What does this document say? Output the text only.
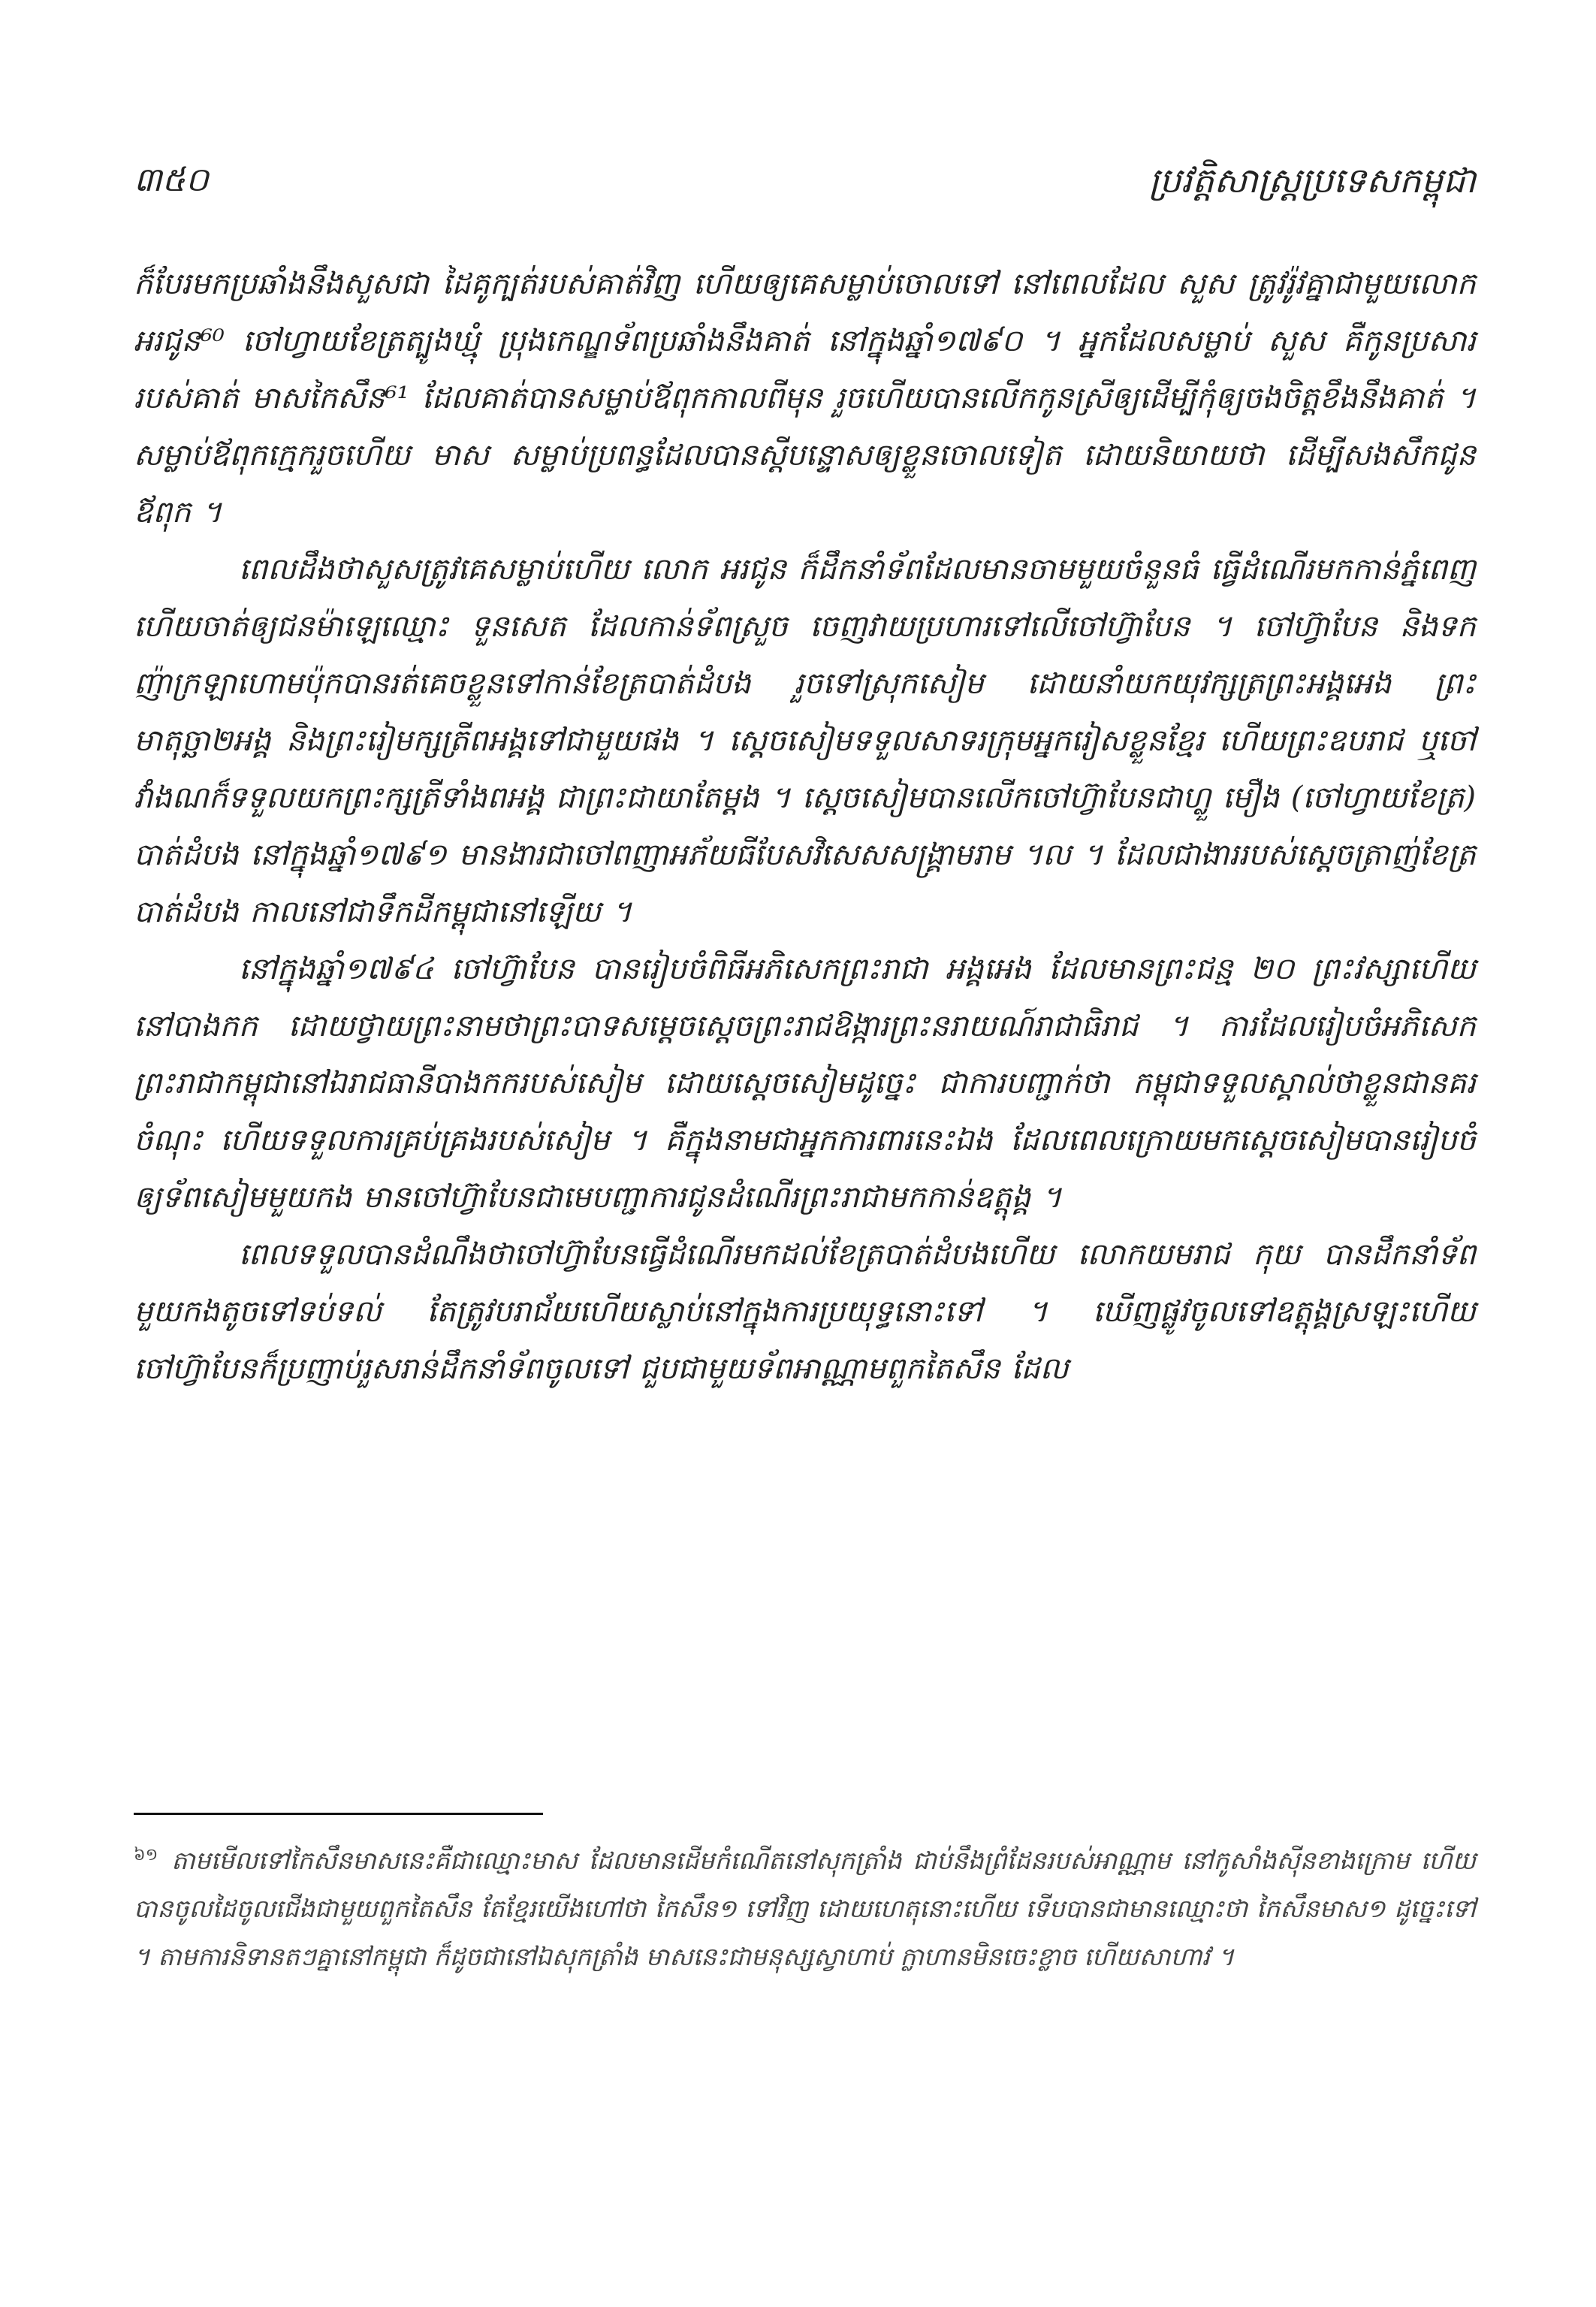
៣៥០	ប្រវត្តិសាស្ត្រប្រទេសកម្ពុជា

ក៏បែរមកប្រឆាំងនឹងសួសជា ដៃគូក្បត់របស់គាត់វិញ ហើយឲ្យគេសម្លាប់ចោលទៅ នៅពេលដែល សួស ត្រូវរ៉ូវគ្នាជាមួយលោក អរជូន⁶⁰ ចៅហ្វាយខែត្រត្បូងឃ្មុំ ប្រុងកេណ្ឌទ័ពប្រឆាំងនឹងគាត់ នៅក្នុងឆ្នាំ១៧៩០ ។ អ្នកដែលសម្លាប់ សួស គឺកូនប្រសាររបស់គាត់ មាសកៃសឹន⁶¹ ដែលគាត់បានសម្លាប់ឪពុកកាលពីមុន រួចហើយបានលើកកូនស្រីឲ្យដើម្បីកុំឲ្យចងចិត្តខឹងនឹងគាត់ ។ សម្លាប់ឪពុកក្មេករួចហើយ មាស សម្លាប់ប្រពន្ធដែលបានស្តីបន្ទោសឲ្យខ្លួនចោលទៀត ដោយនិយាយថា ដើម្បីសងសឹកជូនឪពុក ។

ពេលដឹងថាសួសត្រូវគេសម្លាប់ហើយ លោក អរជូន ក៏ដឹកនាំទ័ពដែលមានចាមមួយចំនួនធំ ធ្វើដំណើរមកកាន់ភ្នំពេញ ហើយចាត់ឲ្យជនម៉ាឡេឈ្មោះ ទួនសេត ដែលកាន់ទ័ពស្រួច ចេញវាយប្រហារទៅលើចៅហ្វ៊ាបែន ។ ចៅហ្វ៊ាបែន និងទកញ៉ាក្រឡាហោមប៉ុកបានរត់គេចខ្លួនទៅកាន់ខែត្របាត់ដំបង រួចទៅស្រុកសៀម ដោយនាំយកយុវក្សត្រព្រះអង្គអេង ព្រះមាតុច្ឆា២អង្គ និងព្រះរៀមក្សត្រីពអង្គទៅជាមួយផង ។ ស្តេចសៀមទទួលសាទរក្រុមអ្នករៀសខ្លួនខ្មែរ ហើយព្រះឧបរាជ ឬចៅវាំងណក៏ទទួលយកព្រះក្សត្រីទាំងពអង្គ ជាព្រះជាយាតែម្តង ។ ស្តេចសៀមបានលើកចៅហ្វ៊ាបែនជាហ្លួ មឿង (ចៅហ្វាយខែត្រ) បាត់ដំបង នៅក្នុងឆ្នាំ១៧៩១ មានងារជាចៅពញាអភ័យធីបែសវិសេសសង្គ្រាមរាម ។ល ។ ដែលជាងាររបស់ស្តេចត្រាញ់ខែត្របាត់ដំបង កាលនៅជាទឹកដីកម្ពុជានៅឡើយ ។

នៅក្នុងឆ្នាំ១៧៩៤ ចៅហ្វ៊ាបែន បានរៀបចំពិធីអភិសេកព្រះរាជា អង្គអេង ដែលមានព្រះជន្ម ២០ ព្រះវស្សាហើយ នៅបាងកក ដោយថ្វាយព្រះនាមថាព្រះបាទសម្តេចស្តេចព្រះរាជឱង្ការព្រះនរាយណ៍រាជាធិរាជ ។ ការដែលរៀបចំអភិសេកព្រះរាជាកម្ពុជានៅឯរាជធានីបាងកករបស់សៀម ដោយស្តេចសៀមដូច្នេះ ជាការបញ្ជាក់ថា កម្ពុជាទទួលស្គាល់ថាខ្លួនជានគរចំណុះ ហើយទទួលការគ្រប់គ្រងរបស់សៀម ។ គឺក្នុងនាមជាអ្នកការពារនេះឯង ដែលពេលក្រោយមកស្តេចសៀមបានរៀបចំឲ្យទ័ពសៀមមួយកង មានចៅហ្វ៊ាបែនជាមេបញ្ជាការជូនដំណើរព្រះរាជាមកកាន់ឧត្តុង្គ ។

ពេលទទួលបានដំណឹងថាចៅហ្វ៊ាបែនធ្វើដំណើរមកដល់ខែត្របាត់ដំបងហើយ លោកយមរាជ កុយ បានដឹកនាំទ័ពមួយកងតូចទៅទប់ទល់ តែត្រូវបរាជ័យហើយស្លាប់នៅក្នុងការប្រយុទ្ធនោះទៅ ។ ឃើញផ្លូវចូលទៅឧត្តុង្គស្រឡះហើយ ចៅហ្វ៊ាបែនក៏ប្រញាប់រួសរាន់ដឹកនាំទ័ពចូលទៅ ជួបជាមួយទ័ពអាណ្ណាមពួកតៃសឹន ដែល

$^{៦១}$ តាមមើលទៅកៃសឹនមាសនេះគឺជាឈ្មោះមាស ដែលមានដើមកំណើតនៅសុកត្រាំង ជាប់នឹងព្រំដែនរបស់អាណ្ណាម នៅកូសាំងស៊ីនខាងក្រោម ហើយបានចូលដៃចូលជើងជាមួយពួកតៃសឹន តែខ្មែរយើងហៅថា កៃសឹន១ ទៅវិញ ដោយហេតុនោះហើយ ទើបបានជាមានឈ្មោះថា កៃសឹនមាស១ ដូច្នេះទៅ ។ តាមការនិទានតៗគ្នានៅកម្ពុជា ក៏ដូចជានៅឯសុកត្រាំង មាសនេះជាមនុស្សស្វាហាប់ ក្លាហានមិនចេះខ្លាច ហើយសាហាវ ។
